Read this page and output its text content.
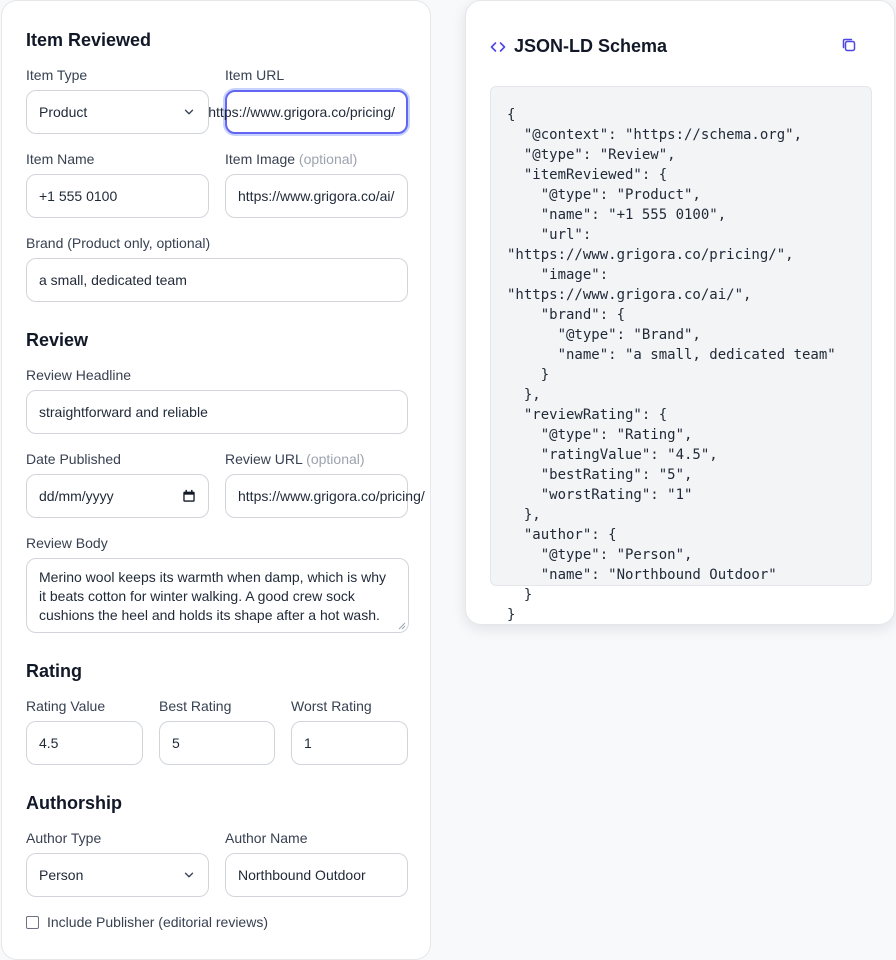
Item Reviewed
Item Type
Product
Item URL
https://www.grigora.co/pricing/
Item Name
+1 555 0100
Item Image (optional)
https://www.grigora.co/ai/
Brand (Product only, optional)
a small, dedicated team
Review
Review Headline
straightforward and reliable
Date Published
dd/mm/yyyy
Review URL (optional)
https://www.grigora.co/pricing/
Review Body
Merino wool keeps its warmth when damp, which is why it beats cotton for winter walking. A good crew sock cushions the heel and holds its shape after a hot wash.
Rating
Rating Value
4.5
Best Rating
5
Worst Rating
1
Authorship
Author Type
Person
Author Name
Northbound Outdoor
Include Publisher (editorial reviews)
JSON-LD Schema
{
"@context": "https://schema.org",
"@type": "Review",
"itemReviewed": {
"@type": "Product",
"name": "+1 555 0100",
"url":
"https://www.grigora.co/pricing/",
"image":
"https://www.grigora.co/ai/",
"brand": {
"@type": "Brand",
"name": "a small, dedicated team"
}
},
"reviewRating": {
"@type": "Rating",
"ratingValue": "4.5",
"bestRating": "5",
"worstRating": "1"
},
"author": {
"@type": "Person",
"name": "Northbound Outdoor"
}
}
